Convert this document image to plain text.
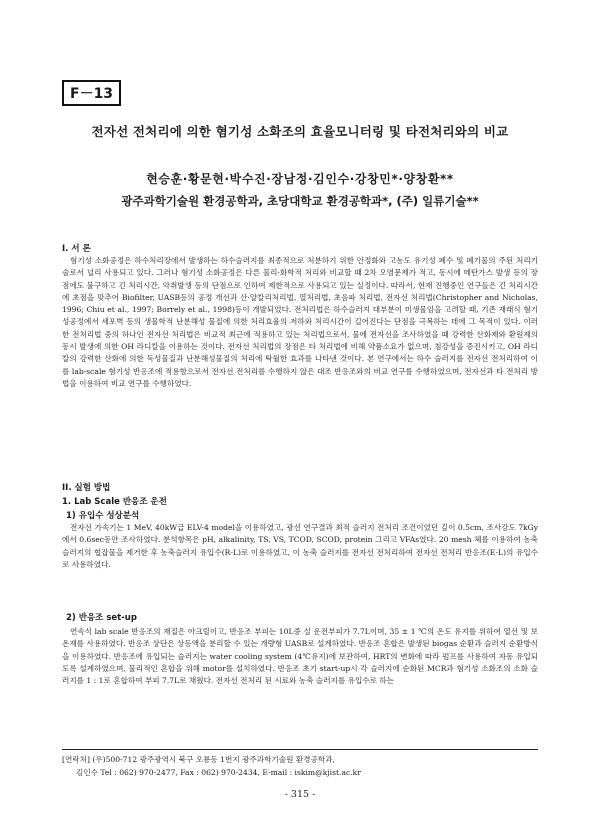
F－13
전자선 전처리에 의한 혐기성 소화조의 효율모니터링 및 타전처리와의 비교
현승훈·황문현·박수진·장남정·김인수·강창민*·양창환**
광주과학기술원 환경공학과, 초당대학교 환경공학과*, (주) 일류기술**
I. 서 론

혐기성 소화공정은 하수처리장에서 발생하는 하수슬러지를 최종적으로 처분하기 위한 안정화와 고농도 유기성 폐수 및 폐기물의 주된 처리기술로서 널리 사용되고 있다. 그러나 혐기성 소화공정은 다른 물리·화학적 처리와 비교할 때 2차 오염문제가 적고, 동시에 메탄가스 발생 등의 장점에도 불구하고 긴 처리시간, 악취발생 등의 단점으로 인하여 제한적으로 사용되고 있는 실정이다. 따라서, 현재 진행중인 연구들은 긴 처리시간에 초점을 맞추어 Biofilter, UASB등의 공정 개선과 산·알칼리처리법, 열처리법, 초음파 처리법, 전자선 처리법(Christopher and Nicholas, 1996; Chiu et al., 1997; Borrely et al., 1998)등이 개발되었다. 전처리법은 하수슬러지 대부분이 미생물임을 고려할 때, 기존 재래식 혐기성공정에서 세포벽 등의 생물학적 난분해성 물질에 의한 처리효율의 저하와 처리시간이 길어진다는 단점을 극복하는 데에 그 목적이 있다. 이러한 전처리법 중의 하나인 전자선 처리법은 비교적 최근에 적용하고 있는 처리법으로서, 물에 전자선을 조사하였을 때 강력한 산화제와 환원제의 동시 발생에 의한 OH 라디칼을 이용하는 것이다. 전자선 처리법의 장점은 타 처리법에 비해 약품소요가 없으며, 침강성을 증진시키고, OH 라디칼의 강력한 산화에 의한 독성물질과 난분해성물질의 처리에 탁월한 효과를 나타낸 것이다. 본 연구에서는 하수 슬러지를 전자선 전처리하여 이를 lab-scale 혐기성 반응조에 적용함으로서 전자선 전처리를 수행하지 않은 대조 반응조와의 비교 연구를 수행하였으며, 전자선과 타 전처리 방법을 이용하여 비교 연구를 수행하였다.

II. 실험 방법
1. Lab Scale 반응조 운전
1) 유입수 성상분석

전자선 가속기는 1 MeV, 40kW급 ELV-4 model을 이용하였고, 광선 연구결과 최적 슬러지 전처리 조건이었던 깊이 0.5cm, 조사강도 7kGy에서 0.6sec동안 조사하였다. 분석항목은 pH, alkalinity, TS, VS, TCOD, SCOD, protein 그리고 VFAs였다. 20 mesh 체를 이용하여 농축슬러지의 협잡물을 제거한 후 농축슬러지 유입수(R-L)로 이용하였고, 이 농축 슬러지를 전자선 전처리하여 전자선 전처리 반응조(E-L)의 유입수로 사용하였다.

2) 반응조 set-up

연속식 lab scale 반응조의 재질은 아크릴이고, 반응조 부피는 10L중 실 운전부피가 7.7L이며, 35 ± 1 ℃의 온도 유지를 위하여 열선 및 보온재를 사용하였다. 반응조 상단은 상등액을 분리할 수 있는 개량형 UASB로 설계하였다. 반응조 혼합은 발생된 biogas 순환과 슬러지 순환방식을 이용하였다. 반응조에 유입되는 슬러지는 water cooling system (4℃유지)에 보관하여, HRT의 변화에 따라 펌프를 사용하여 자동 유입되도록 설계하였으며, 물리적인 혼합을 위해 motor를 설치하였다. 반응조 초기 start-up시 각 슬러지에 순화된 MCR과 혐기성 소화조의 소화 슬러지를 1 : 1로 혼합하여 부피 7.7L로 채웠다. 전자선 전처리 된 시료와 농축 슬러지를 유입수로 하는

[연락처] (우)500-712 광주광역시 북구 오룡동 1번지 광주과학기술원 환경공학과,
김인수 Tel : 062) 970-2477, Fax : 062) 970-2434, E-mail : iskim@kjist.ac.kr
- 315 -
